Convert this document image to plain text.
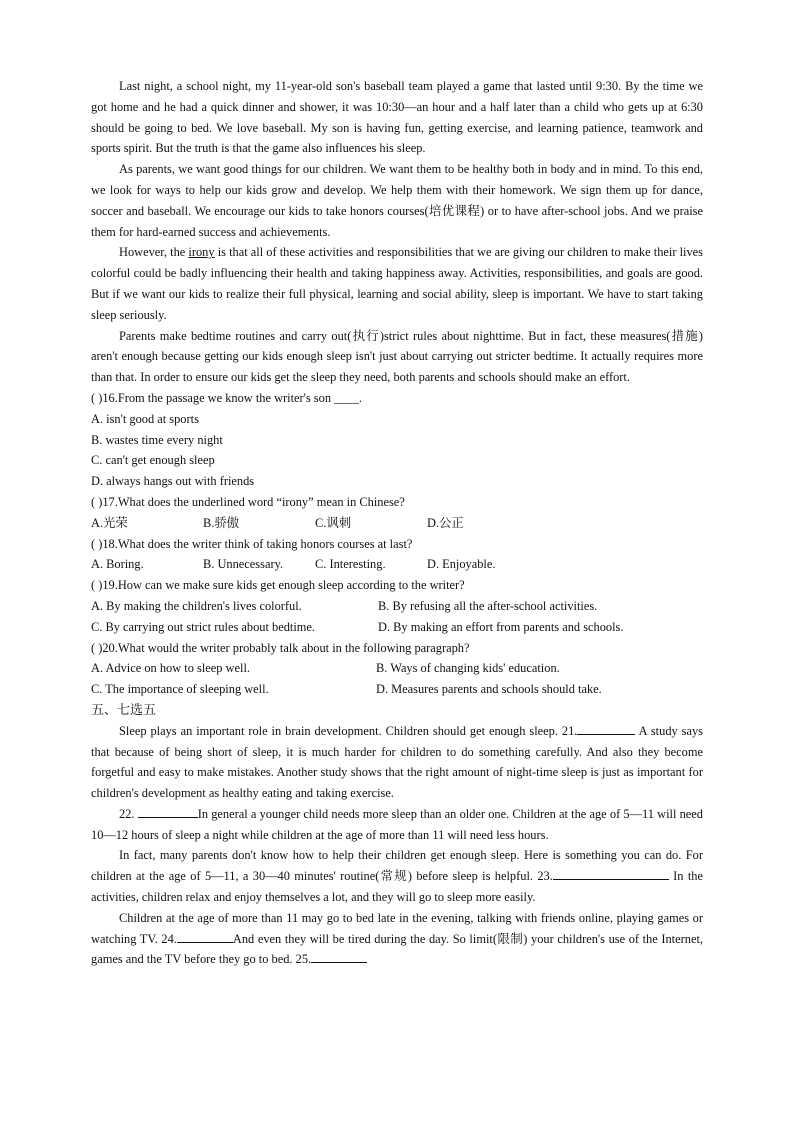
Last night, a school night, my 11-year-old son's baseball team played a game that lasted until 9:30. By the time we got home and he had a quick dinner and shower, it was 10:30—an hour and a half later than a child who gets up at 6:30 should be going to bed. We love baseball. My son is having fun, getting exercise, and learning patience, teamwork and sports spirit. But the truth is that the game also influences his sleep.

As parents, we want good things for our children. We want them to be healthy both in body and in mind. To this end, we look for ways to help our kids grow and develop. We help them with their homework. We sign them up for dance, soccer and baseball. We encourage our kids to take honors courses(培优课程) or to have after-school jobs. And we praise them for hard-earned success and achievements.

However, the irony is that all of these activities and responsibilities that we are giving our children to make their lives colorful could be badly influencing their health and taking happiness away. Activities, responsibilities, and goals are good. But if we want our kids to realize their full physical, learning and social ability, sleep is important. We have to start taking sleep seriously.

Parents make bedtime routines and carry out(执行)strict rules about nighttime. But in fact, these measures(措施) aren't enough because getting our kids enough sleep isn't just about carrying out stricter bedtime. It actually requires more than that. In order to ensure our kids get the sleep they need, both parents and schools should make an effort.

( )16.From the passage we know the writer's son ____.
A. isn't good at sports
B. wastes time every night
C. can't get enough sleep
D. always hangs out with friends
( )17.What does the underlined word “irony” mean in Chinese?
A.光荣	B.骄傲	C.讽刺	D.公正
( )18.What does the writer think of taking honors courses at last?
A. Boring.	B. Unnecessary.	C. Interesting.	D. Enjoyable.
( )19.How can we make sure kids get enough sleep according to the writer?
A. By making the children's lives colorful.	B. By refusing all the after-school activities.
C. By carrying out strict rules about bedtime.	D. By making an effort from parents and schools.
( )20.What would the writer probably talk about in the following paragraph?
A. Advice on how to sleep well.	B. Ways of changing kids' education.
C. The importance of sleeping well.	D. Measures parents and schools should take.
五、七选五

Sleep plays an important role in brain development. Children should get enough sleep. 21.	A study says that because of being short of sleep, it is much harder for children to do something carefully. And also they become forgetful and easy to make mistakes. Another study shows that the right amount of night-time sleep is just as important for children's development as healthy eating and taking exercise.

22.	In general a younger child needs more sleep than an older one. Children at the age of 5—11 will need 10—12 hours of sleep a night while children at the age of more than 11 will need less hours.

In fact, many parents don't know how to help their children get enough sleep. Here is something you can do. For children at the age of 5—11, a 30—40 minutes' routine(常规) before sleep is helpful. 23.	In the activities, children relax and enjoy themselves a lot, and they will go to sleep more easily.

Children at the age of more than 11 may go to bed late in the evening, talking with friends online, playing games or watching TV. 24.	And even they will be tired during the day. So limit(限制) your children's use of the Internet, games and the TV before they go to bed. 25.
